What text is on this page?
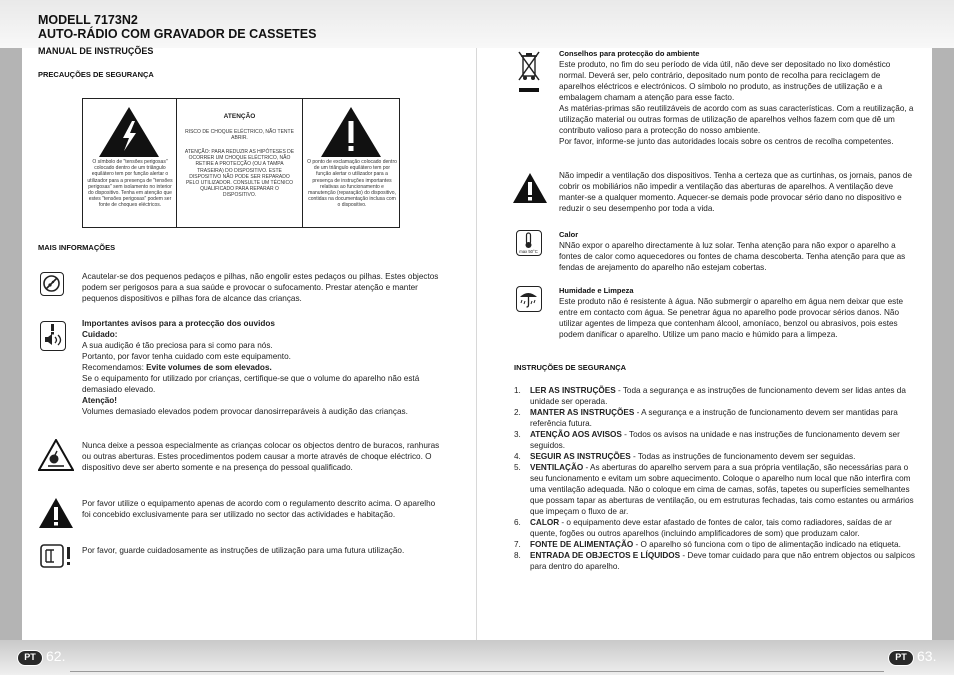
MODELL 7173N2
AUTO-RÁDIO COM GRAVADOR DE CASSETES
MANUAL DE INSTRUÇÕES
PRECAUÇÕES DE SEGURANÇA
O símbolo de "tensões perigosas" colocado dentro de um triângulo equilátero tem por função alertar o utilizador para a presença de "tensões perigosas" sem isolamento no interior do dispositivo. Tenha em atenção que estes "tensões perigosas" podem ser fonte de choques eléctricos.
ATENÇÃO
RISCO DE CHOQUE ELÉCTRICO, NÃO TENTE ABRIR.
ATENÇÃO: PARA REDUZIR AS HIPÓTESES DE OCORRER UM CHOQUE ELÉCTRICO, NÃO RETIRE A PROTECÇÃO (OU A TAMPA TRASEIRA) DO DISPOSITIVO. ESTE DISPOSITIVO NÃO PODE SER REPARADO PELO UTILIZADOR. CONSULTE UM TÉCNICO QUALIFICADO PARA REPARAR O DISPOSITIVO.
O ponto de exclamação colocado dentro de um triângulo equilátero tem por função alertar o utilizador para a presença de instruções importantes relativas ao funcionamento e manutenção (reparação) do dispositivo, contidas na documentação inclusa com o dispositivo.
MAIS INFORMAÇÕES
Acautelar-se dos pequenos pedaços e pilhas, não engolir estes pedaços ou pilhas. Estes objectos podem ser perigosos para a sua saúde e provocar o sufocamento. Prestar atenção e manter pequenos dispositivos e pilhas fora de alcance das crianças.
Importantes avisos para a protecção dos ouvidos
Cuidado:
A sua audição é tão preciosa para si como para nós.
Portanto, por favor tenha cuidado com este equipamento.
Recomendamos: Evite volumes de som elevados.
Se o equipamento for utilizado por crianças, certifique-se que o volume do aparelho não está demasiado elevado.
Atenção!
Volumes demasiado elevados podem provocar danosirreparáveis à audição das crianças.
Nunca deixe a pessoa especialmente as crianças colocar os objectos dentro de buracos, ranhuras ou outras aberturas. Estes procedimentos podem causar a morte através de choque eléctrico. O dispositivo deve ser aberto somente e na presença do pessoal qualificado.
Por favor utilize o equipamento apenas de acordo com o regulamento descrito acima. O aparelho foi concebido exclusivamente para ser utilizado no sector das actividades e habitação.
Por favor, guarde cuidadosamente as instruções de utilização para uma futura utilização.
PT 62.
Conselhos para protecção do ambiente
Este produto, no fim do seu período de vida útil, não deve ser depositado no lixo doméstico normal. Deverá ser, pelo contrário, depositado num ponto de recolha para reciclagem de aparelhos eléctricos e electrónicos. O símbolo no produto, as instruções de utilização e a embalagem chamam a atenção para esse facto.
As matérias-primas são reutilizáveis de acordo com as suas características. Com a reutilização, a utilização material ou outras formas de utilização de aparelhos velhos fazem com que dê um contributo valioso para a protecção do nosso ambiente.
Por favor, informe-se junto das autoridades locais sobre os centros de recolha competentes.
Não impedir a ventilação dos dispositivos. Tenha a certeza que as curtinhas, os jornais, panos de cobrir os mobiliários não impedir a ventilação das aberturas de aparelhos. A ventilação deve manter-se a qualquer momento. Aquecer-se demais pode provocar sério dano no dispositivo e reduzir o seu desempenho por toda a vida.
max 50°C
Calor
NNão expor o aparelho directamente à luz solar. Tenha atenção para não expor o aparelho a fontes de calor como aquecedores ou fontes de chama descoberta. Tenha atenção para que as fendas de arejamento do aparelho não estejam cobertas.
Humidade e Limpeza
Este produto não é resistente à água. Não submergir o aparelho em água nem deixar que este entre em contacto com água. Se penetrar água no aparelho pode provocar sérios danos. Não utilizar agentes de limpeza que contenham álcool, amoníaco, benzol ou abrasivos, pois estes podem danificar o aparelho. Utilize um pano macio e húmido para a limpeza.
INSTRUÇÕES DE SEGURANÇA
1.	LER AS INSTRUÇÕES - Toda a segurança e as instruções de funcionamento devem ser lidas antes da unidade ser operada.
2.	MANTER AS INSTRUÇÕES - A segurança e a instrução de funcionamento devem ser mantidas para referência futura.
3.	ATENÇÃO AOS AVISOS - Todos os avisos na unidade e nas instruções de funcionamento devem ser seguidos.
4.	SEGUIR AS INSTRUÇÕES - Todas as instruções de funcionamento devem ser seguidas.
5.	VENTILAÇÃO - As aberturas do aparelho servem para a sua própria ventilação, são necessárias para o seu funcionamento e evitam um sobre aquecimento. Coloque o aparelho num local que não interfira com uma ventilação adequada. Não o coloque em cima de camas, sofás, tapetes ou superfícies semelhantes que possam tapar as aberturas de ventilação, ou em estruturas fechadas, tais como estantes ou armários que impeçam o fluxo de ar.
6.	CALOR - o equipamento deve estar afastado de fontes de calor, tais como radiadores, saídas de ar quente, fogões ou outros aparelhos (incluindo amplificadores de som) que produzam calor.
7.	FONTE DE ALIMENTAÇÃO - O aparelho só funciona com o tipo de alimentação indicado na etiqueta.
8.	ENTRADA DE OBJECTOS E LÍQUIDOS - Deve tomar cuidado para que não entrem objectos ou salpicos para dentro do aparelho.
PT 63.
